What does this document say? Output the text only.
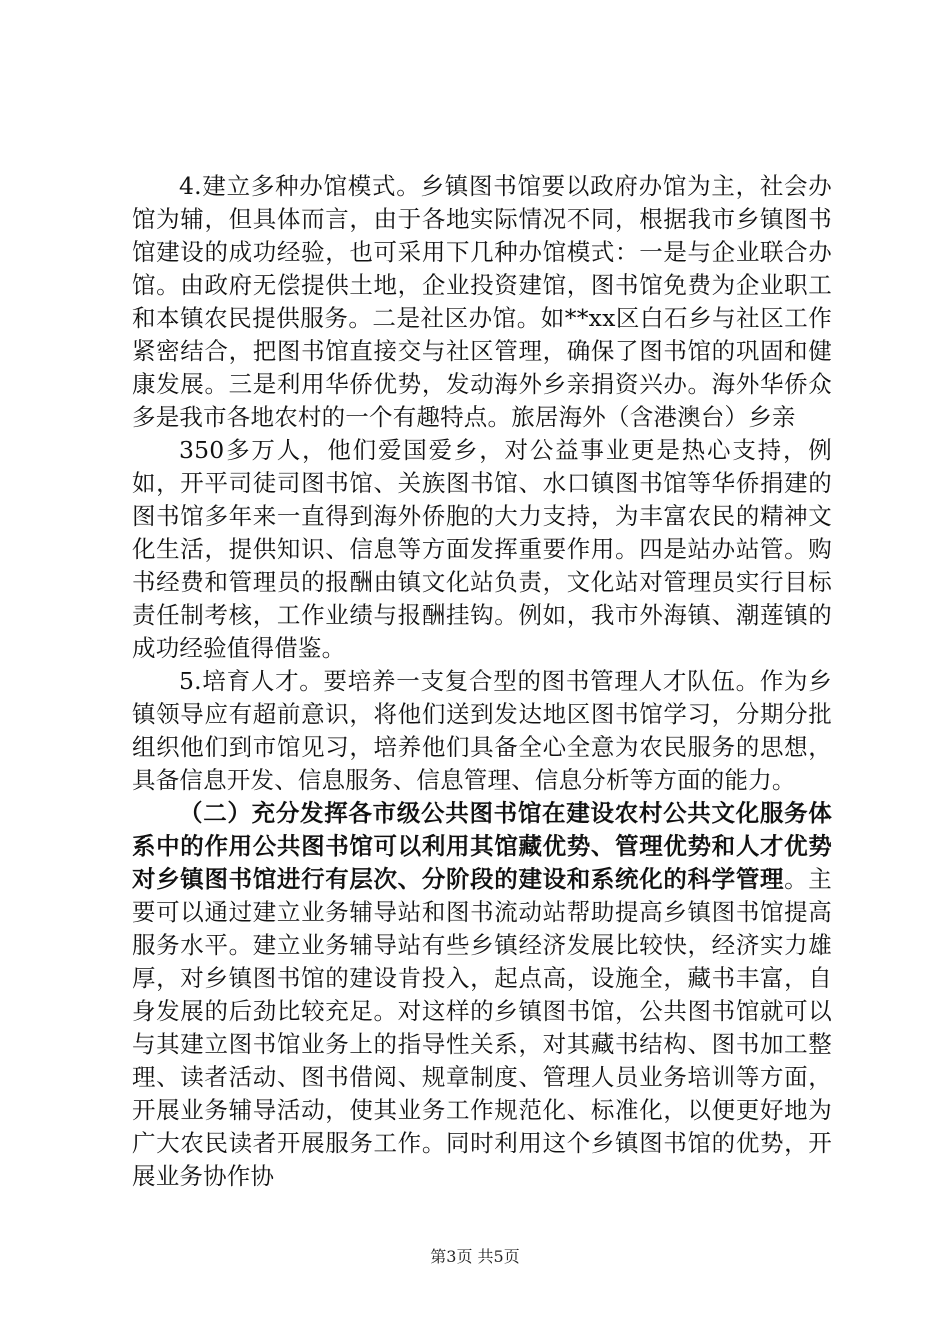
4.建立多种办馆模式。乡镇图书馆要以政府办馆为主，社会办馆为辅，但具体而言，由于各地实际情况不同，根据我市乡镇图书馆建设的成功经验，也可采用下几种办馆模式：一是与企业联合办馆。由政府无偿提供土地，企业投资建馆，图书馆免费为企业职工和本镇农民提供服务。二是社区办馆。如**xx区白石乡与社区工作紧密结合，把图书馆直接交与社区管理，确保了图书馆的巩固和健康发展。三是利用华侨优势，发动海外乡亲捐资兴办。海外华侨众多是我市各地农村的一个有趣特点。旅居海外（含港澳台）乡亲

350多万人，他们爱国爱乡，对公益事业更是热心支持，例如，开平司徒司图书馆、关族图书馆、水口镇图书馆等华侨捐建的图书馆多年来一直得到海外侨胞的大力支持，为丰富农民的精神文化生活，提供知识、信息等方面发挥重要作用。四是站办站管。购书经费和管理员的报酬由镇文化站负责，文化站对管理员实行目标责任制考核，工作业绩与报酬挂钩。例如，我市外海镇、潮莲镇的成功经验值得借鉴。

5.培育人才。要培养一支复合型的图书管理人才队伍。作为乡镇领导应有超前意识，将他们送到发达地区图书馆学习，分期分批组织他们到市馆见习，培养他们具备全心全意为农民服务的思想，具备信息开发、信息服务、信息管理、信息分析等方面的能力。

（二）充分发挥各市级公共图书馆在建设农村公共文化服务体系中的作用公共图书馆可以利用其馆藏优势、管理优势和人才优势对乡镇图书馆进行有层次、分阶段的建设和系统化的科学管理。主要可以通过建立业务辅导站和图书流动站帮助提高乡镇图书馆提高服务水平。建立业务辅导站有些乡镇经济发展比较快，经济实力雄厚，对乡镇图书馆的建设肯投入，起点高，设施全，藏书丰富，自身发展的后劲比较充足。对这样的乡镇图书馆，公共图书馆就可以与其建立图书馆业务上的指导性关系，对其藏书结构、图书加工整理、读者活动、图书借阅、规章制度、管理人员业务培训等方面，开展业务辅导活动，使其业务工作规范化、标准化，以便更好地为广大农民读者开展服务工作。同时利用这个乡镇图书馆的优势，开展业务协作协

第3页 共5页
